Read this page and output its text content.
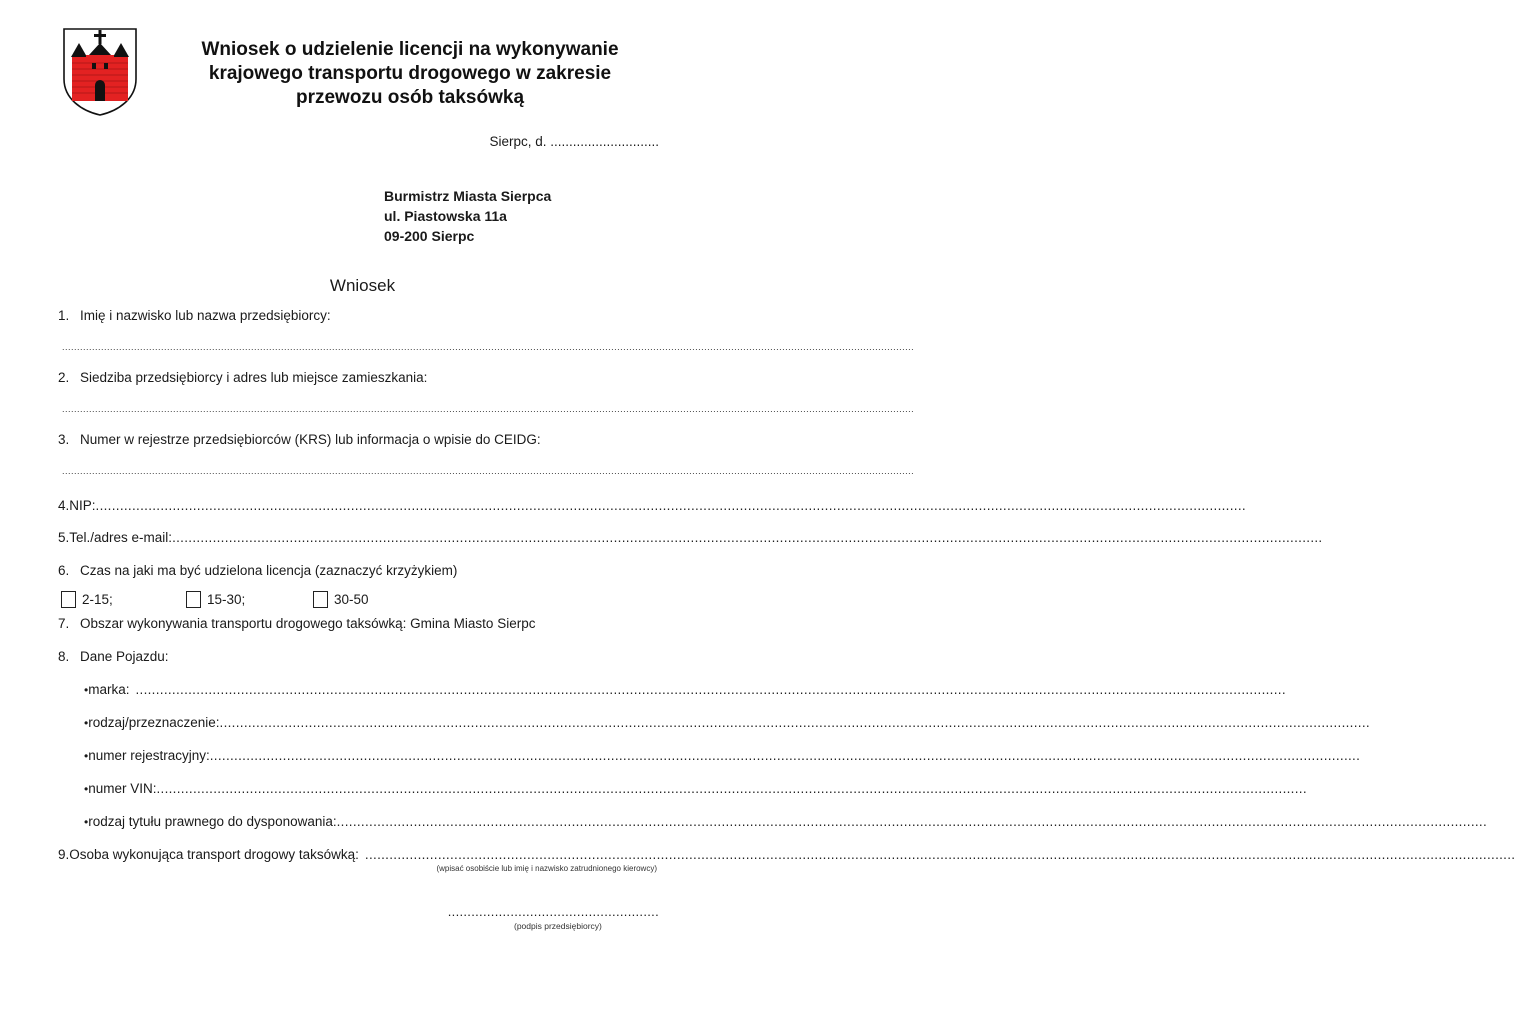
Wniosek o udzielenie licencji na wykonywanie
krajowego transportu drogowego w zakresie
przewozu osób taksówką
Sierpc, d. .............................
Burmistrz Miasta Sierpca
ul. Piastowska 11a
09-200 Sierpc
Wniosek
1. Imię i nazwisko lub nazwa przedsiębiorcy:
............................................................................................................................................................................................................................................................................................
2. Siedziba przedsiębiorcy i adres lub miejsce zamieszkania:
............................................................................................................................................................................................................................................................................................
3. Numer w rejestrze przedsiębiorców (KRS) lub informacja o wpisie do CEIDG:
............................................................................................................................................................................................................................................................................................
4. NIP: ............................................................................................................................................................................................................................................................................................
5. Tel./adres e-mail: ............................................................................................................................................................................................................................................................................................
6. Czas na jaki ma być udzielona licencja (zaznaczyć krzyżykiem)
2-15;	15-30;	30-50
7. Obszar wykonywania transportu drogowego taksówką: Gmina Miasto Sierpc
8. Dane Pojazdu:
• marka: ............................................................................................................................................................................................................................................................................................
• rodzaj/przeznaczenie: ............................................................................................................................................................................................................................................................................................
• numer rejestracyjny: ............................................................................................................................................................................................................................................................................................
• numer VIN: ............................................................................................................................................................................................................................................................................................
• rodzaj tytułu prawnego do dysponowania: ............................................................................................................................................................................................................................................................................................
9. Osoba wykonująca transport drogowy taksówką: ............................................................................................................................................................................................................................................................................................
(wpisać osobiście lub imię i nazwisko zatrudnionego kierowcy)
......................................................
(podpis przedsiębiorcy)
